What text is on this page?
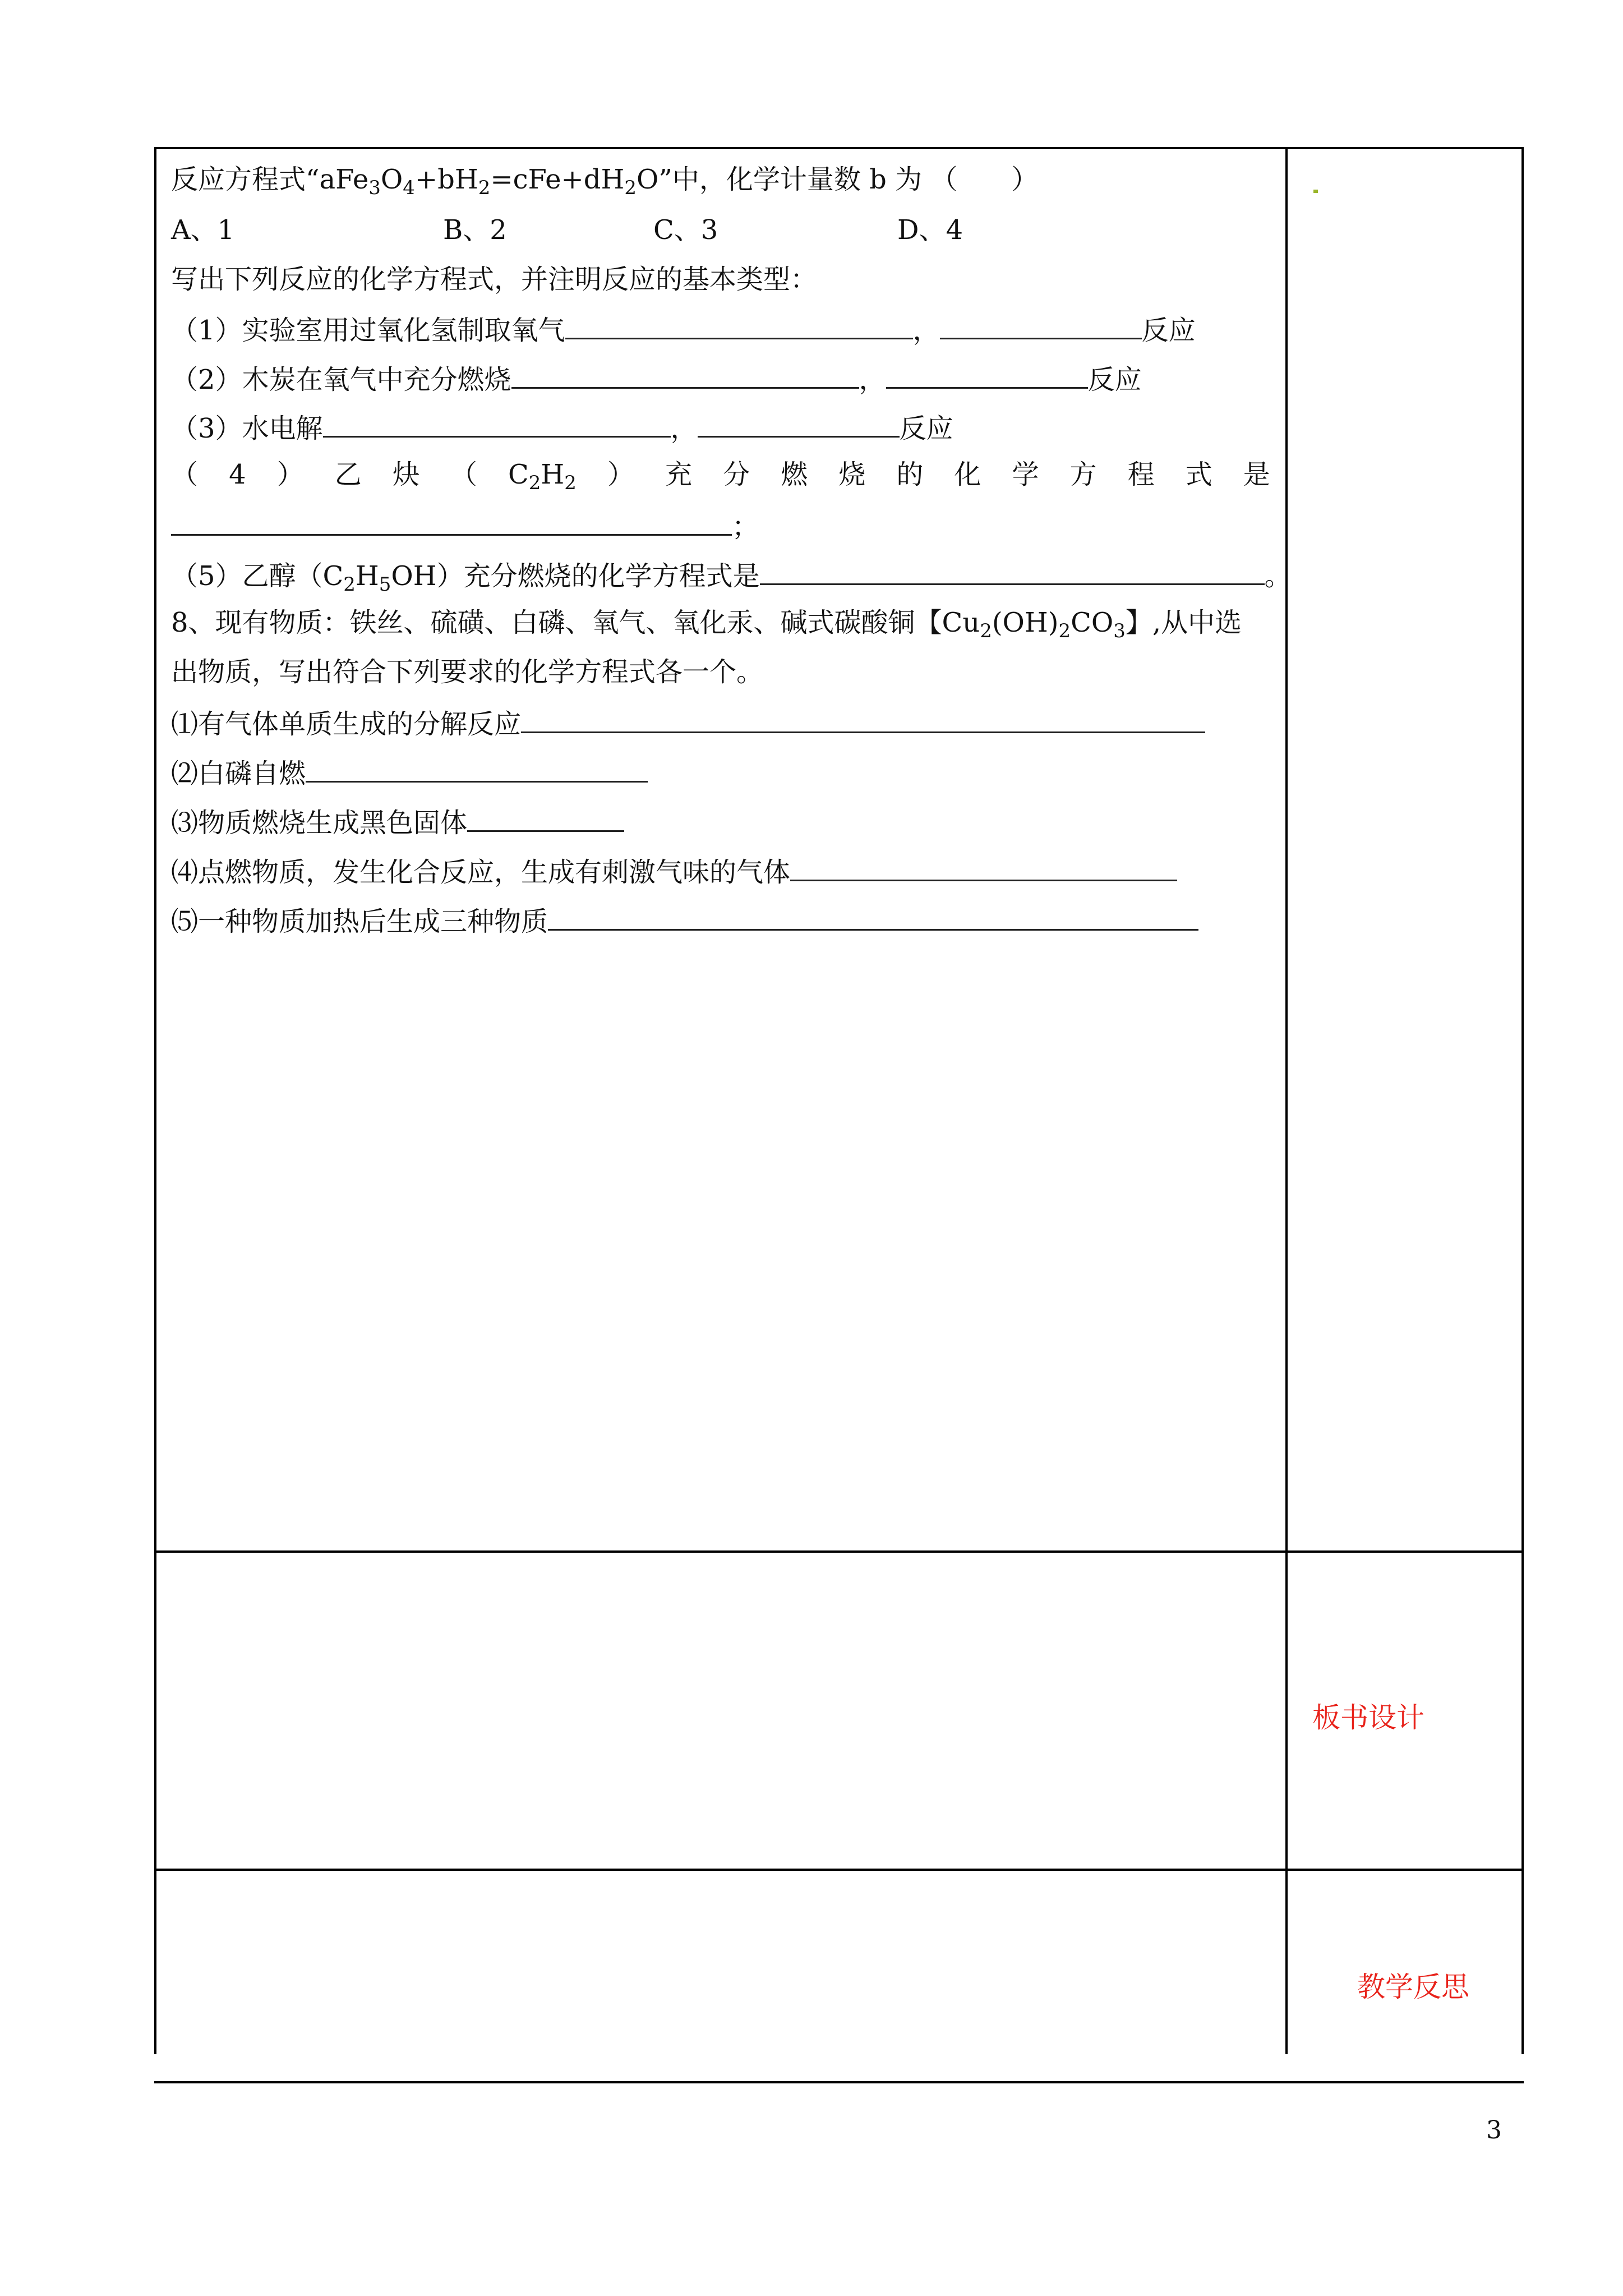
反应方程式“$aFe_3O_4+bH_2=cFe+dH_2O$”中，化学计量数 b 为 （　　）
A、1	B、2	C、3	D、4
写出下列反应的化学方程式，并注明反应的基本类型：
（1）实验室用过氧化氢制取氧气	，	反应
（2）木炭在氧气中充分燃烧	，	反应
（3）水电解	，	反应
（ 4 ） 乙 炔 （ $C_2H_2$ ） 充 分 燃 烧 的 化 学 方 程 式 是
；
（5）乙醇$(C_2H_5OH)$充分燃烧的化学方程式是	。
8、现有物质：铁丝、硫磺、白磷、氧气、氧化汞、碱式碳酸铜【$Cu_2(OH)_2CO_3$】,从中选
出物质，写出符合下列要求的化学方程式各一个。
⑴有气体单质生成的分解反应
⑵白磷自燃
⑶物质燃烧生成黑色固体
⑷点燃物质，发生化合反应，生成有刺激气味的气体
⑸一种物质加热后生成三种物质
板书设计
教学反思
3
